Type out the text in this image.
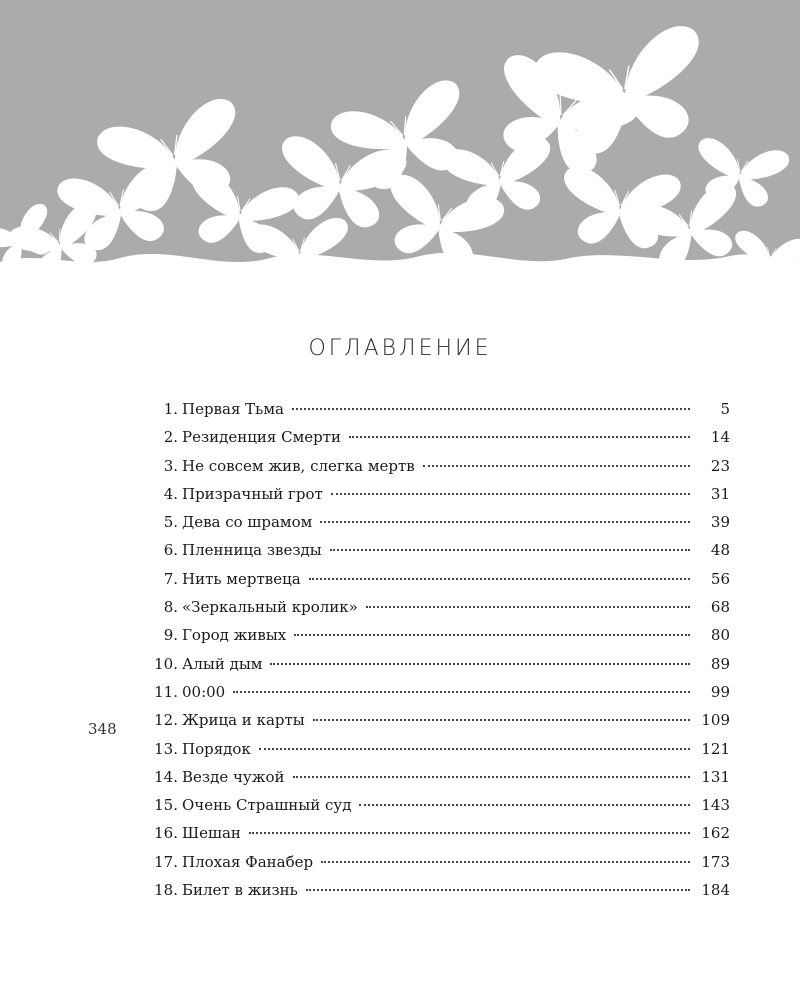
ОГЛАВЛЕНИЕ
1. Первая Тьма	5
2. Резиденция Смерти	14
3. Не совсем жив, слегка мертв	23
4. Призрачный грот	31
5. Дева со шрамом	39
6. Пленница звезды	48
7. Нить мертвеца	56
8. «Зеркальный кролик»	68
9. Город живых	80
10. Алый дым	89
11. 00:00	99
12. Жрица и карты	109
13. Порядок	121
14. Везде чужой	131
15. Очень Страшный суд	143
16. Шешан	162
17. Плохая Фанабер	173
18. Билет в жизнь	184
348
